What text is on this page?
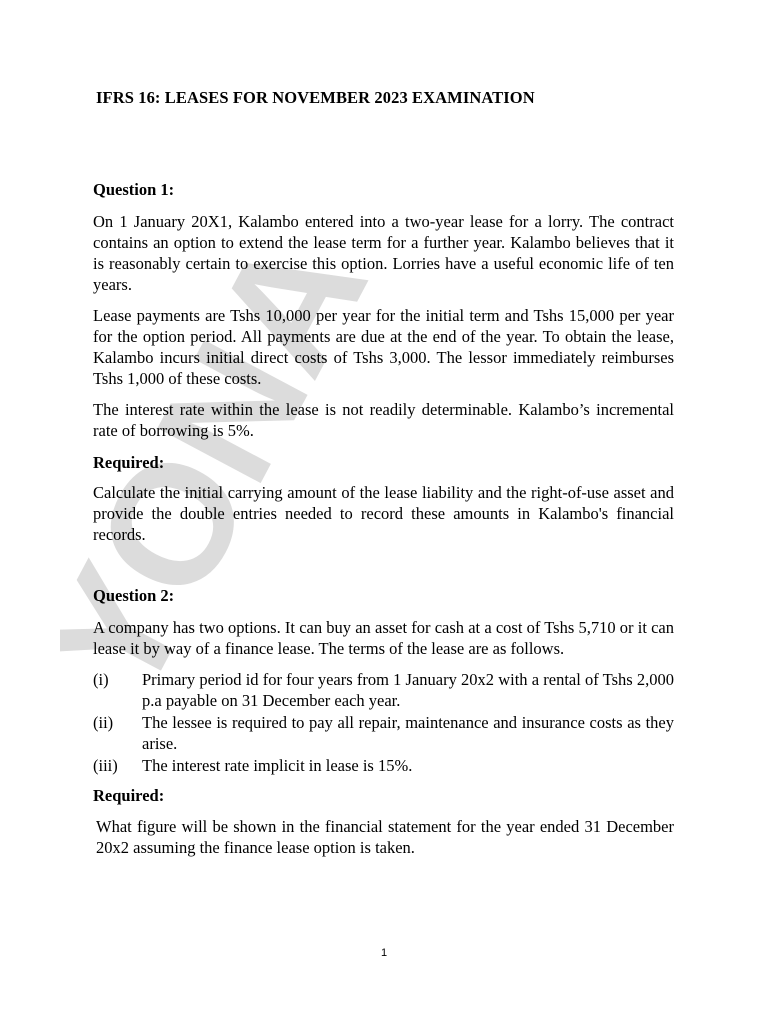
YONA
IFRS 16: LEASES FOR NOVEMBER 2023 EXAMINATION
Question 1:

On 1 January 20X1, Kalambo entered into a two-year lease for a lorry. The contract contains an option to extend the lease term for a further year. Kalambo believes that it is reasonably certain to exercise this option. Lorries have a useful economic life of ten years.

Lease payments are Tshs 10,000 per year for the initial term and Tshs 15,000 per year for the option period. All payments are due at the end of the year. To obtain the lease, Kalambo incurs initial direct costs of Tshs 3,000. The lessor immediately reimburses Tshs 1,000 of these costs.

The interest rate within the lease is not readily determinable. Kalambo’s incremental rate of borrowing is 5%.

Required:

Calculate the initial carrying amount of the lease liability and the right-of-use asset and provide the double entries needed to record these amounts in Kalambo's financial records.

Question 2:

A company has two options. It can buy an asset for cash at a cost of Tshs 5,710 or it can lease it by way of a finance lease. The terms of the lease are as follows.

(i) Primary period id for four years from 1 January 20x2 with a rental of Tshs 2,000 p.a payable on 31 December each year.
(ii) The lessee is required to pay all repair, maintenance and insurance costs as they arise.
(iii) The interest rate implicit in lease is 15%.
Required:

What figure will be shown in the financial statement for the year ended 31 December 20x2 assuming the finance lease option is taken.

1
